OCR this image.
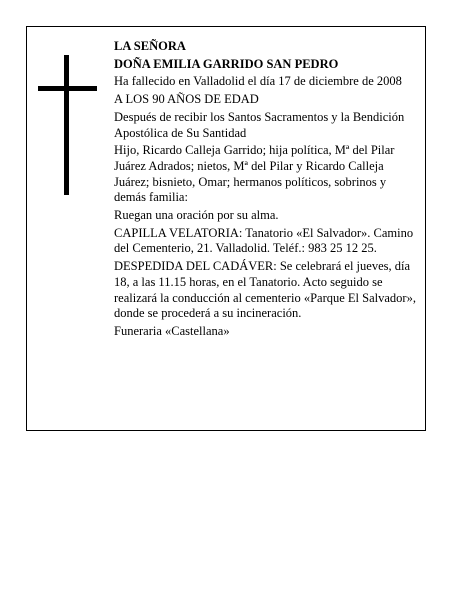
LA SEÑORA

DOÑA EMILIA GARRIDO SAN PEDRO

Ha fallecido en Valladolid el día 17 de diciembre de 2008

A LOS 90 AÑOS DE EDAD

Después de recibir los Santos Sacramentos y la Bendición Apostólica de Su Santidad

Hijo, Ricardo Calleja Garrido; hija política, Mª del Pilar Juárez Adrados; nietos, Mª del Pilar y Ricardo Calleja Juárez; bisnieto, Omar; hermanos políticos, sobrinos y demás familia:

Ruegan una oración por su alma.

CAPILLA VELATORIA: Tanatorio «El Salvador». Camino del Cementerio, 21. Valladolid. Teléf.: 983 25 12 25.

DESPEDIDA DEL CADÁVER: Se celebrará el jueves, día 18, a las 11.15 horas, en el Tanatorio. Acto seguido se realizará la conducción al cementerio «Parque El Salvador», donde se procederá a su incineración.

Funeraria «Castellana»
